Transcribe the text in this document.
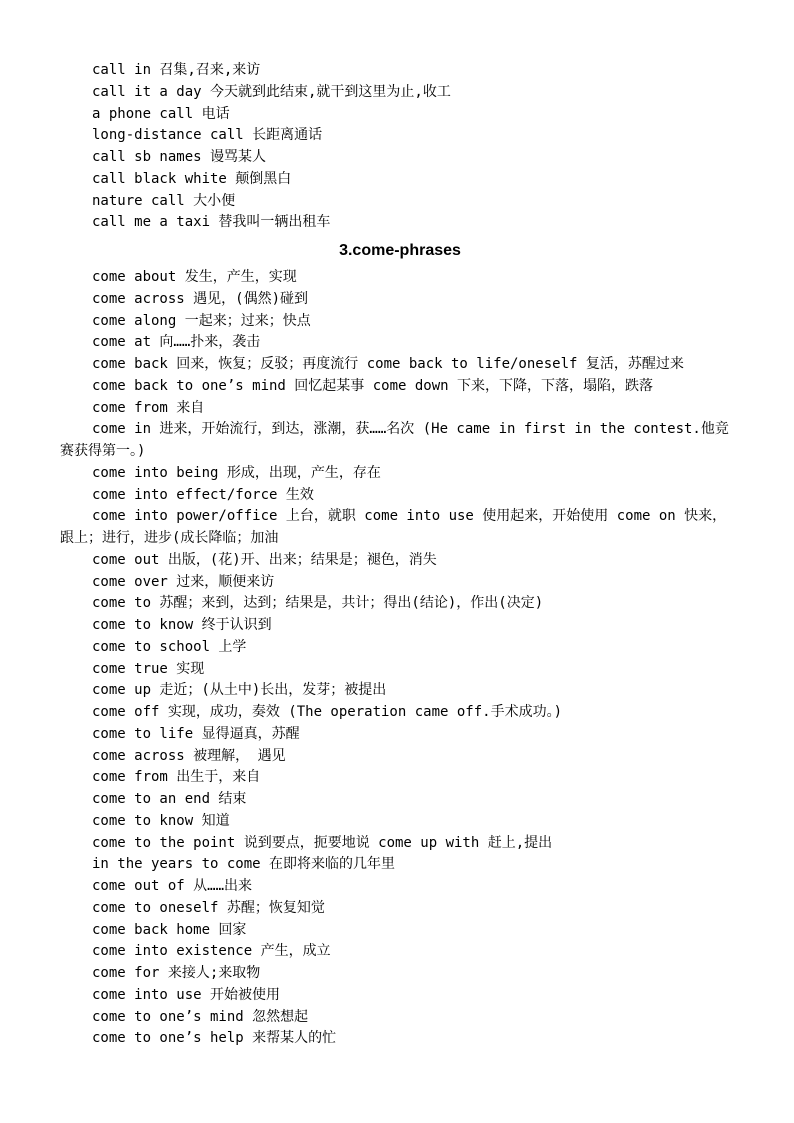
call in 召集,召来,来访
call it a day 今天就到此结束,就干到这里为止,收工
a phone call 电话
long-distance call 长距离通话
call sb names 谩骂某人
call black white 颠倒黑白
nature call 大小便
call me a taxi 替我叫一辆出租车
3.come-phrases
come about 发生，产生，实现
come across 遇见，(偶然)碰到
come along 一起来；过来；快点
come at 向……扑来，袭击
come back 回来，恢复；反驳；再度流行 come back to life/oneself 复活，苏醒过来
come back to one’s mind 回忆起某事 come down 下来，下降，下落，塌陷，跌落
come from 来自
come in 进来，开始流行，到达，涨潮，获……名次 (He came in first in the contest.他竞赛获得第一。)
come into being 形成，出现，产生，存在
come into effect/force 生效
come into power/office 上台，就职 come into use 使用起来，开始使用 come on 快来，跟上；进行，进步(成长降临；加油
come out 出版，(花)开、出来；结果是；褪色，消失
come over 过来，顺便来访
come to 苏醒；来到，达到；结果是，共计；得出(结论)，作出(决定)
come to know 终于认识到
come to school 上学
come true 实现
come up 走近；(从土中)长出，发芽；被提出
come off 实现，成功，奏效 (The operation came off.手术成功。)
come to life 显得逼真，苏醒
come across 被理解， 遇见
come from 出生于，来自
come to an end 结束
come to know 知道
come to the point 说到要点，扼要地说 come up with 赶上,提出
in the years to come 在即将来临的几年里
come out of 从……出来
come to oneself 苏醒；恢复知觉
come back home 回家
come into existence 产生，成立
come for 来接人;来取物
come into use 开始被使用
come to one’s mind 忽然想起
come to one’s help 来帮某人的忙
